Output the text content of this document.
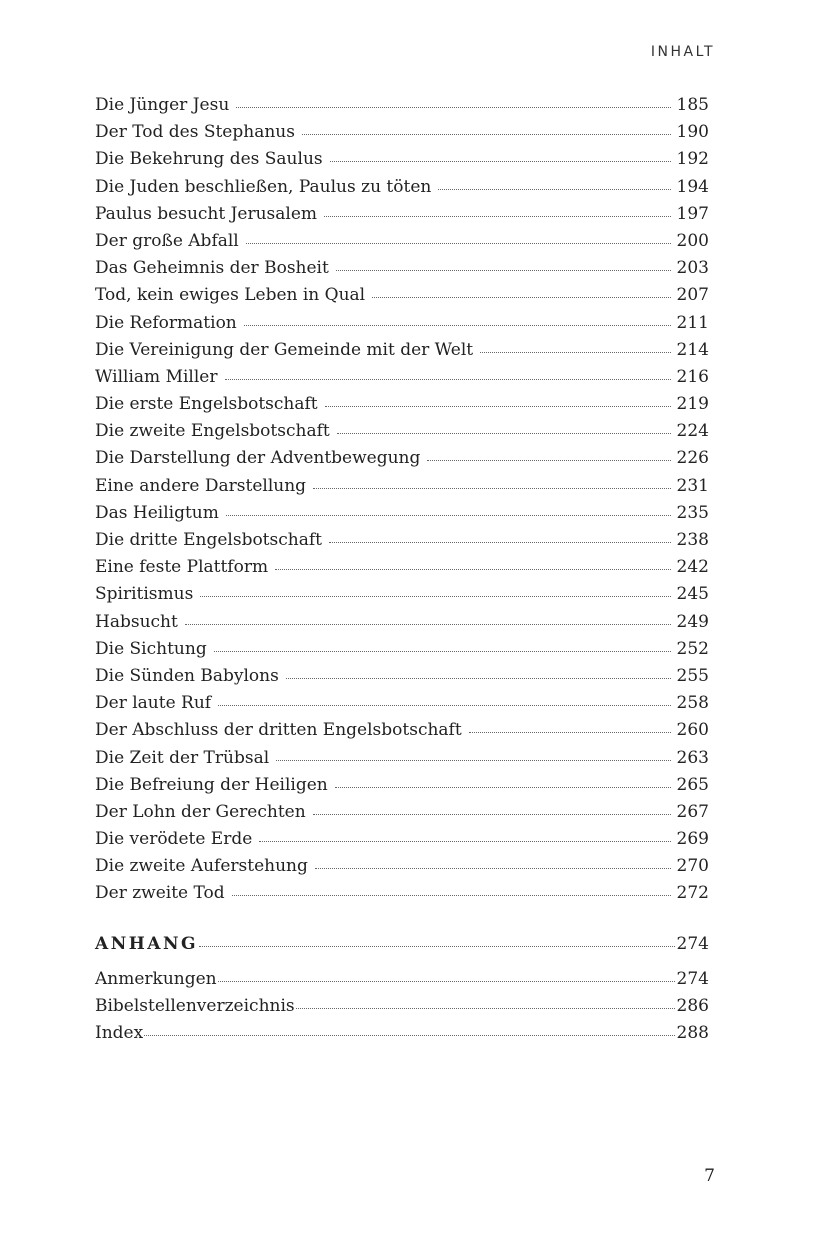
INHALT
Die Jünger Jesu	185
Der Tod des Stephanus	190
Die Bekehrung des Saulus	192
Die Juden beschließen, Paulus zu töten	194
Paulus besucht Jerusalem	197
Der große Abfall	200
Das Geheimnis der Bosheit	203
Tod, kein ewiges Leben in Qual	207
Die Reformation	211
Die Vereinigung der Gemeinde mit der Welt	214
William Miller	216
Die erste Engelsbotschaft	219
Die zweite Engelsbotschaft	224
Die Darstellung der Adventbewegung	226
Eine andere Darstellung	231
Das Heiligtum	235
Die dritte Engelsbotschaft	238
Eine feste Plattform	242
Spiritismus	245
Habsucht	249
Die Sichtung	252
Die Sünden Babylons	255
Der laute Ruf	258
Der Abschluss der dritten Engelsbotschaft	260
Die Zeit der Trübsal	263
Die Befreiung der Heiligen	265
Der Lohn der Gerechten	267
Die verödete Erde	269
Die zweite Auferstehung	270
Der zweite Tod	272
ANHANG	274
Anmerkungen	274
Bibelstellenverzeichnis	286
Index	288
7
